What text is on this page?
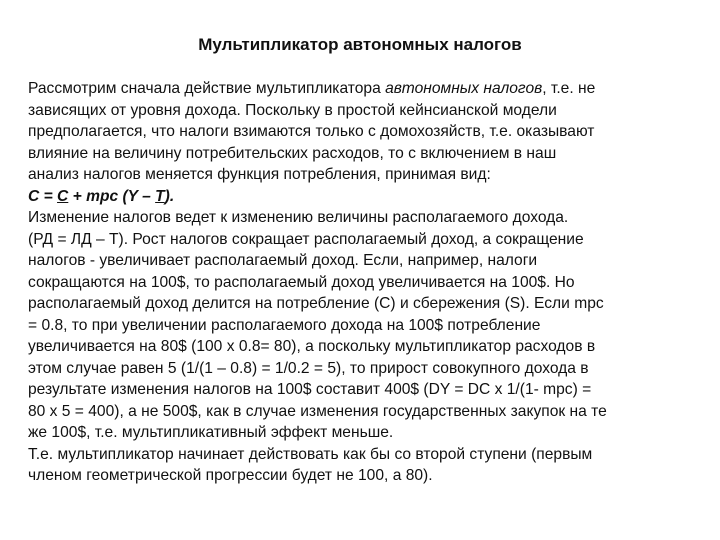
Мультипликатор автономных налогов
Рассмотрим сначала действие мультипликатора автономных налогов, т.е. не
зависящих от уровня дохода. Поскольку в простой кейнсианской модели
предполагается, что налоги взимаются только с домохозяйств, т.е. оказывают
влияние на величину потребительских расходов, то с включением в наш
анализ налогов меняется функция потребления, принимая вид:
С = С + mpc (Y – T).
Изменение налогов ведет к изменению величины располагаемого дохода.
(РД = ЛД – Т). Рост налогов сокращает располагаемый доход, а сокращение
налогов - увеличивает располагаемый доход. Если, например, налоги
сокращаются на 100$, то располагаемый доход увеличивается на 100$. Но
располагаемый доход делится на потребление (С) и сбережения (S). Если mpc
= 0.8, то при увеличении располагаемого дохода на 100$ потребление
увеличивается на 80$ (100 х 0.8= 80), а поскольку мультипликатор расходов в
этом случае равен 5 (1/(1 – 0.8) = 1/0.2 = 5), то прирост совокупного дохода в
результате изменения налогов на 100$ составит 400$ (DY = DC x 1/(1- mpc) =
80 х 5 = 400), а не 500$, как в случае изменения государственных закупок на те
же 100$, т.е. мультипликативный эффект меньше.
Т.е. мультипликатор начинает действовать как бы со второй ступени (первым
членом геометрической прогрессии будет не 100, а 80).
